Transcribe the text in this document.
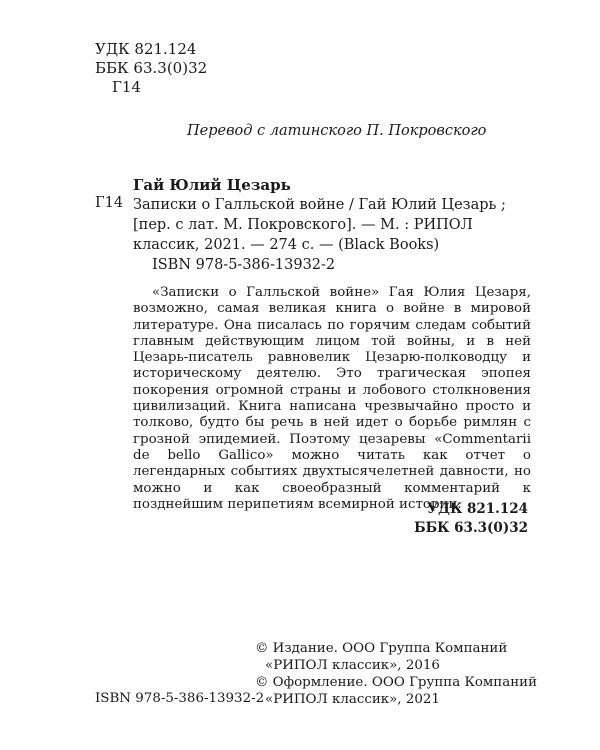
УДК 821.124
ББК 63.3(0)32
Г14
Перевод с латинского П. Покровского
Гай Юлий Цезарь
Г14 Записки о Галльской войне / Гай Юлий Цезарь ; [пер. с лат. М. Покровского]. — М. : РИПОЛ классик, 2021. — 274 с. — (Black Books)
ISBN 978-5-386-13932-2

«Записки о Галльской войне» Гая Юлия Цезаря, возможно, самая великая книга о войне в мировой литературе. Она писалась по горячим следам событий главным действующим лицом той войны, и в ней Цезарь-писатель равновелик Цезарю-полководцу и историческому деятелю. Это трагическая эпопея покорения огромной страны и лобового столкновения цивилизаций. Книга написана чрезвычайно просто и толково, будто бы речь в ней идет о борьбе римлян с грозной эпидемией. Поэтому цезаревы «Commentarii de bello Gallico» можно читать как отчет о легендарных событиях двухтысячелетней давности, но можно и как своеобразный комментарий к позднейшим перипетиям всемирной истории.

УДК 821.124
ББК 63.3(0)32
© Издание. ООО Группа Компаний
«РИПОЛ классик», 2016
© Оформление. ООО Группа Компаний
«РИПОЛ классик», 2021
ISBN 978-5-386-13932-2
